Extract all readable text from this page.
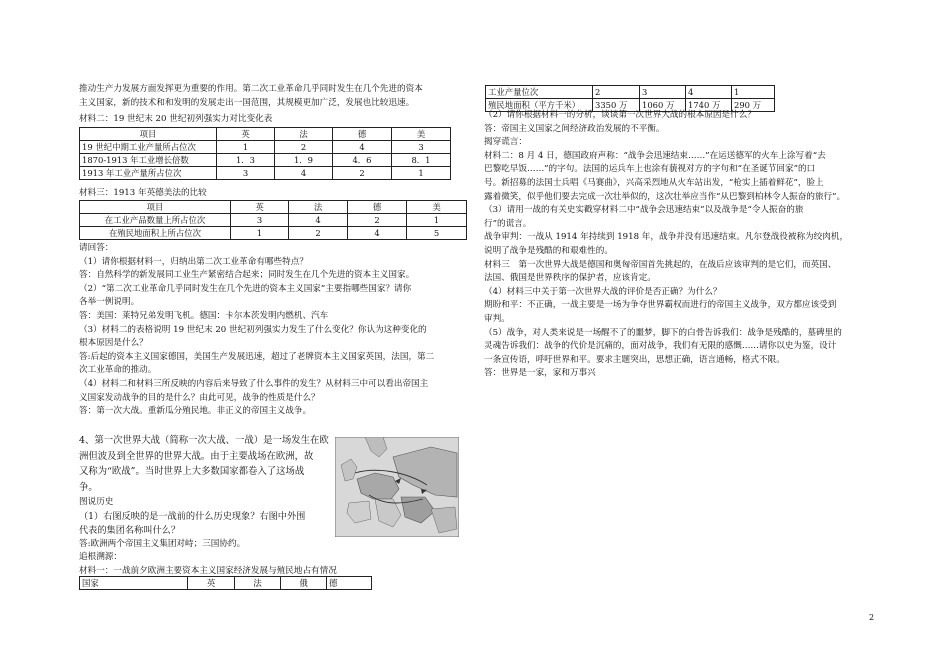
推动生产力发展方面发挥更为重要的作用。第二次工业革命几乎同时发生在几个先进的资本

主义国家，新的技术和和发明的发展走出一国范围，其规模更加广泛，发展也比较迅速。

材料二：19 世纪末 20 世纪初列强实力对比变化表

项目	英	法	德	美
19 世纪中期工业产量所占位次	1	2	4	3
1870-1913 年工业增长倍数	1．3	1．9	4．6	8．1
1913 年工业产量所占位次	3	4	2	1

材料三：1913 年英德美法的比较

项目	英	法	德	美
在工业产品数量上所占位次	3	4	2	1
在殖民地面积上所占位次	1	2	4	5

请回答：

（1）请你根据材料一，归纳出第二次工业革命有哪些特点？

答：自然科学的新发展同工业生产紧密结合起来；同时发生在几个先进的资本主义国家。

（2）“第二次工业革命几乎同时发生在几个先进的资本主义国家”主要指哪些国家？请你

各举一例说明。

答：美国：莱特兄弟发明飞机。德国：卡尔本茨发明内燃机、汽车

（3）材料二的表格说明 19 世纪末 20 世纪初列强实力发生了什么变化？你认为这种变化的

根本原因是什么？

答:后起的资本主义国家德国，美国生产发展迅速，超过了老牌资本主义国家英国，法国，第二

次工业革命的推动。

（4）材料二和材料三所反映的内容后来导致了什么事件的发生？从材料三中可以看出帝国主

义国家发动战争的目的是什么？由此可见，战争的性质是什么？

答：第一次大战。重新瓜分殖民地。非正义的帝国主义战争。

4、第一次世界大战（简称一次大战、一战）是一场发生在欧

洲但波及到全世界的世界大战。由于主要战场在欧洲，故

又称为“欧战”。当时世界上大多数国家都卷入了这场战

争。

图说历史

（1）右图反映的是一战前的什么历史现象？右图中外围

代表的集团名称叫什么？

答:欧洲两个帝国主义集团对峙；三国协约。

追根溯源：

材料一：一战前夕欧洲主要资本主义国家经济发展与殖民地占有情况

国家	英	法	俄	德
工业产量位次	2	3	4	1
殖民地面积（平方千米）	3350 万	1060 万	1740 万	290 万

（2）请你根据材料一的分析，谈谈第一次世界大战的根本原因是什么？

答：帝国主义国家之间经济政治发展的不平衡。

揭穿谎言：

材料二：8 月 4 日，德国政府声称：“战争会迅速结束……”在运送德军的火车上涂写着“去

巴黎吃早饭……”的字句。法国的运兵车上也涂有藐视对方的字句和“在圣诞节回家”的口

号。新招募的法国士兵唱《马赛曲》，兴高采烈地从火车站出发，“枪实上插着鲜花”，脸上

露着微笑，似乎他们要去完成一次壮举似的，这次壮举应当作“从巴黎到柏林令人振奋的旅行”。

（3）请用一战的有关史实戳穿材料二中“战争会迅速结束”以及战争是“令人振奋的旅

行”的谎言。

战争审判：一战从 1914 年持续到 1918 年，战争并没有迅速结束。凡尔登战役被称为绞肉机，

说明了战争是残酷的和艰难性的。

材料三　第一次世界大战是德国和奥匈帝国首先挑起的，在战后应该审判的是它们，而英国、

法国、俄国是世界秩序的保护者，应该肯定。

（4）材料三中关于第一次世界大战的评价是否正确？为什么？

期盼和平：不正确，一战主要是一场为争夺世界霸权而进行的帝国主义战争，双方都应该受到

审判。

（5）战争，对人类来说是一场醒不了的噩梦，脚下的白骨告诉我们：战争是残酷的，墓碑里的

灵魂告诉我们：战争的代价是沉痛的，面对战争，我们有无限的感慨……请你以史为鉴，设计

一条宣传语，呼吁世界和平。要求主题突出，思想正确，语言通畅，格式不限。

答：世界是一家，家和万事兴

2
